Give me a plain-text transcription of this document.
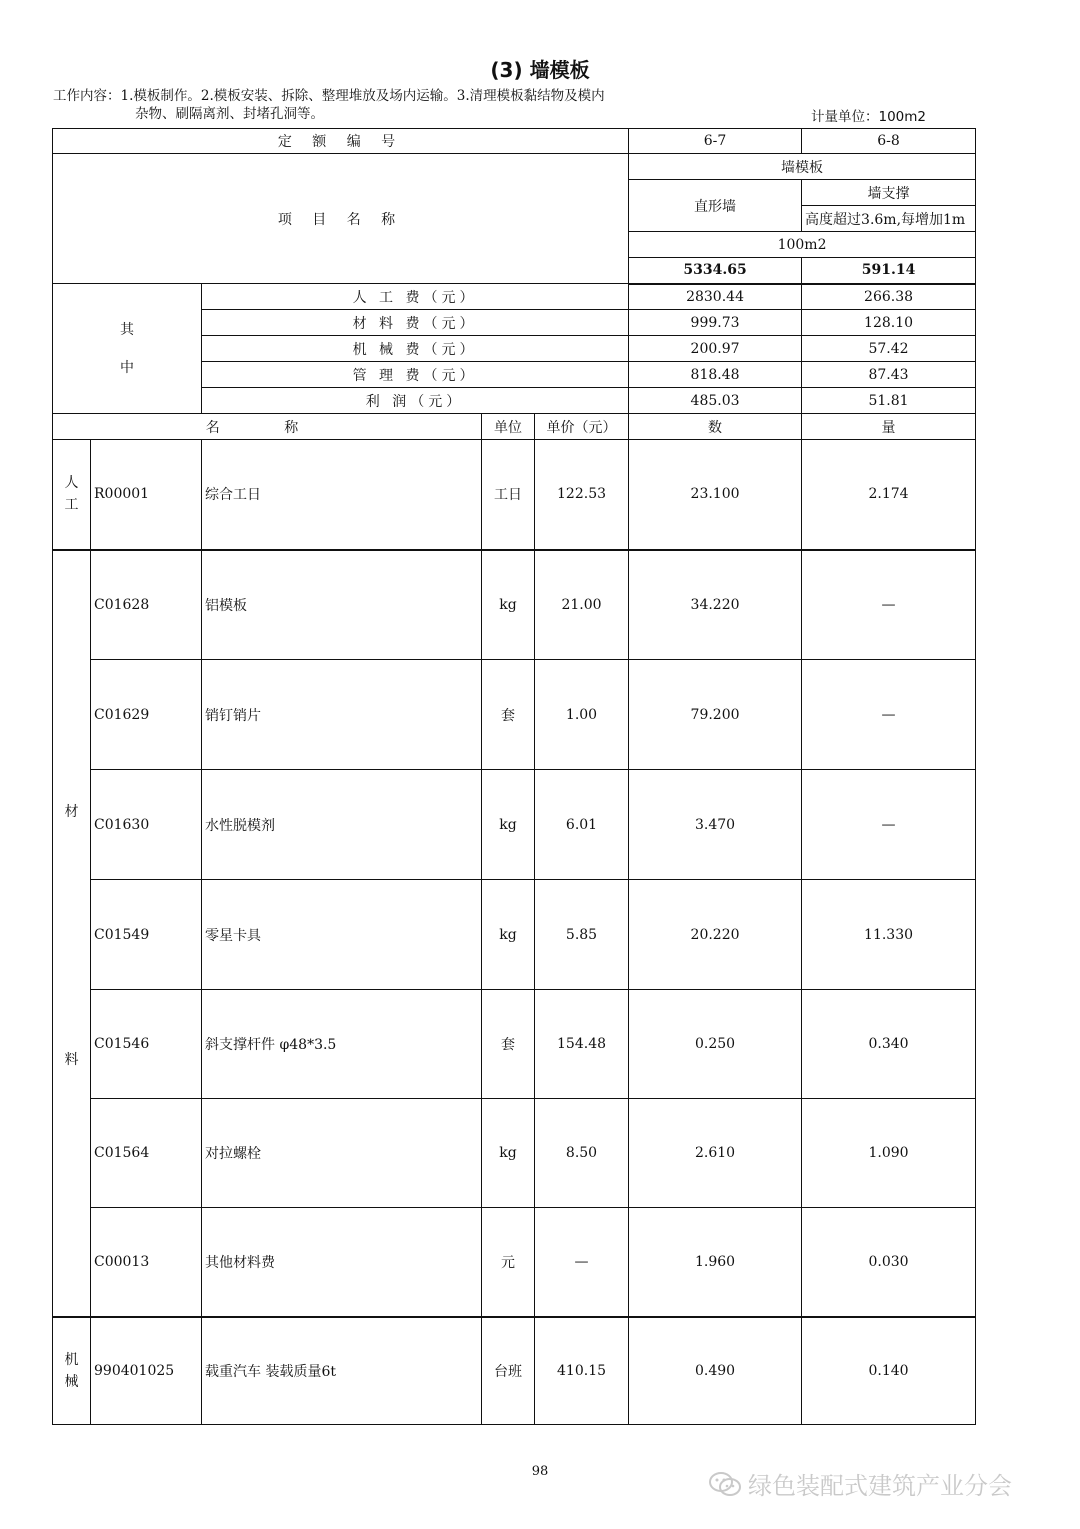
(3) 墙模板
工作内容：1.模板制作。2.模板安装、拆除、整理堆放及场内运输。3.清理模板黏结物及模内
杂物、刷隔离剂、封堵孔洞等。	计量单位：100m2
定 额 编 号					6-7	6-8
项 目 名 称					墙模板	
					直形墙	墙支撑
						高度超过3.6m,每增加1m
					100m2	
					5334.65	591.14
其
中		人 工 费（元）			2830.44	266.38
		材 料 费（元）			999.73	128.10
		机 械 费（元）			200.97	57.42
		管 理 费（元）			818.48	87.43
		利 润（元）			485.03	51.81
名 称			单位	单价（元）	数	量

人
工	R00001	综合工日	工日	122.53	23.100	2.174

材
料	C01628	铝模板	kg	21.00	34.220	—
	C01629	销钉销片	套	1.00	79.200	—
	C01630	水性脱模剂	kg	6.01	3.470	—
	C01549	零星卡具	kg	5.85	20.220	11.330
	C01546	斜支撑杆件 φ48*3.5	套	154.48	0.250	0.340
	C01564	对拉螺栓	kg	8.50	2.610	1.090
	C00013	其他材料费	元	—	1.960	0.030

机
械	990401025	载重汽车 装载质量6t	台班	410.15	0.490	0.140
98
绿色装配式建筑产业分会
